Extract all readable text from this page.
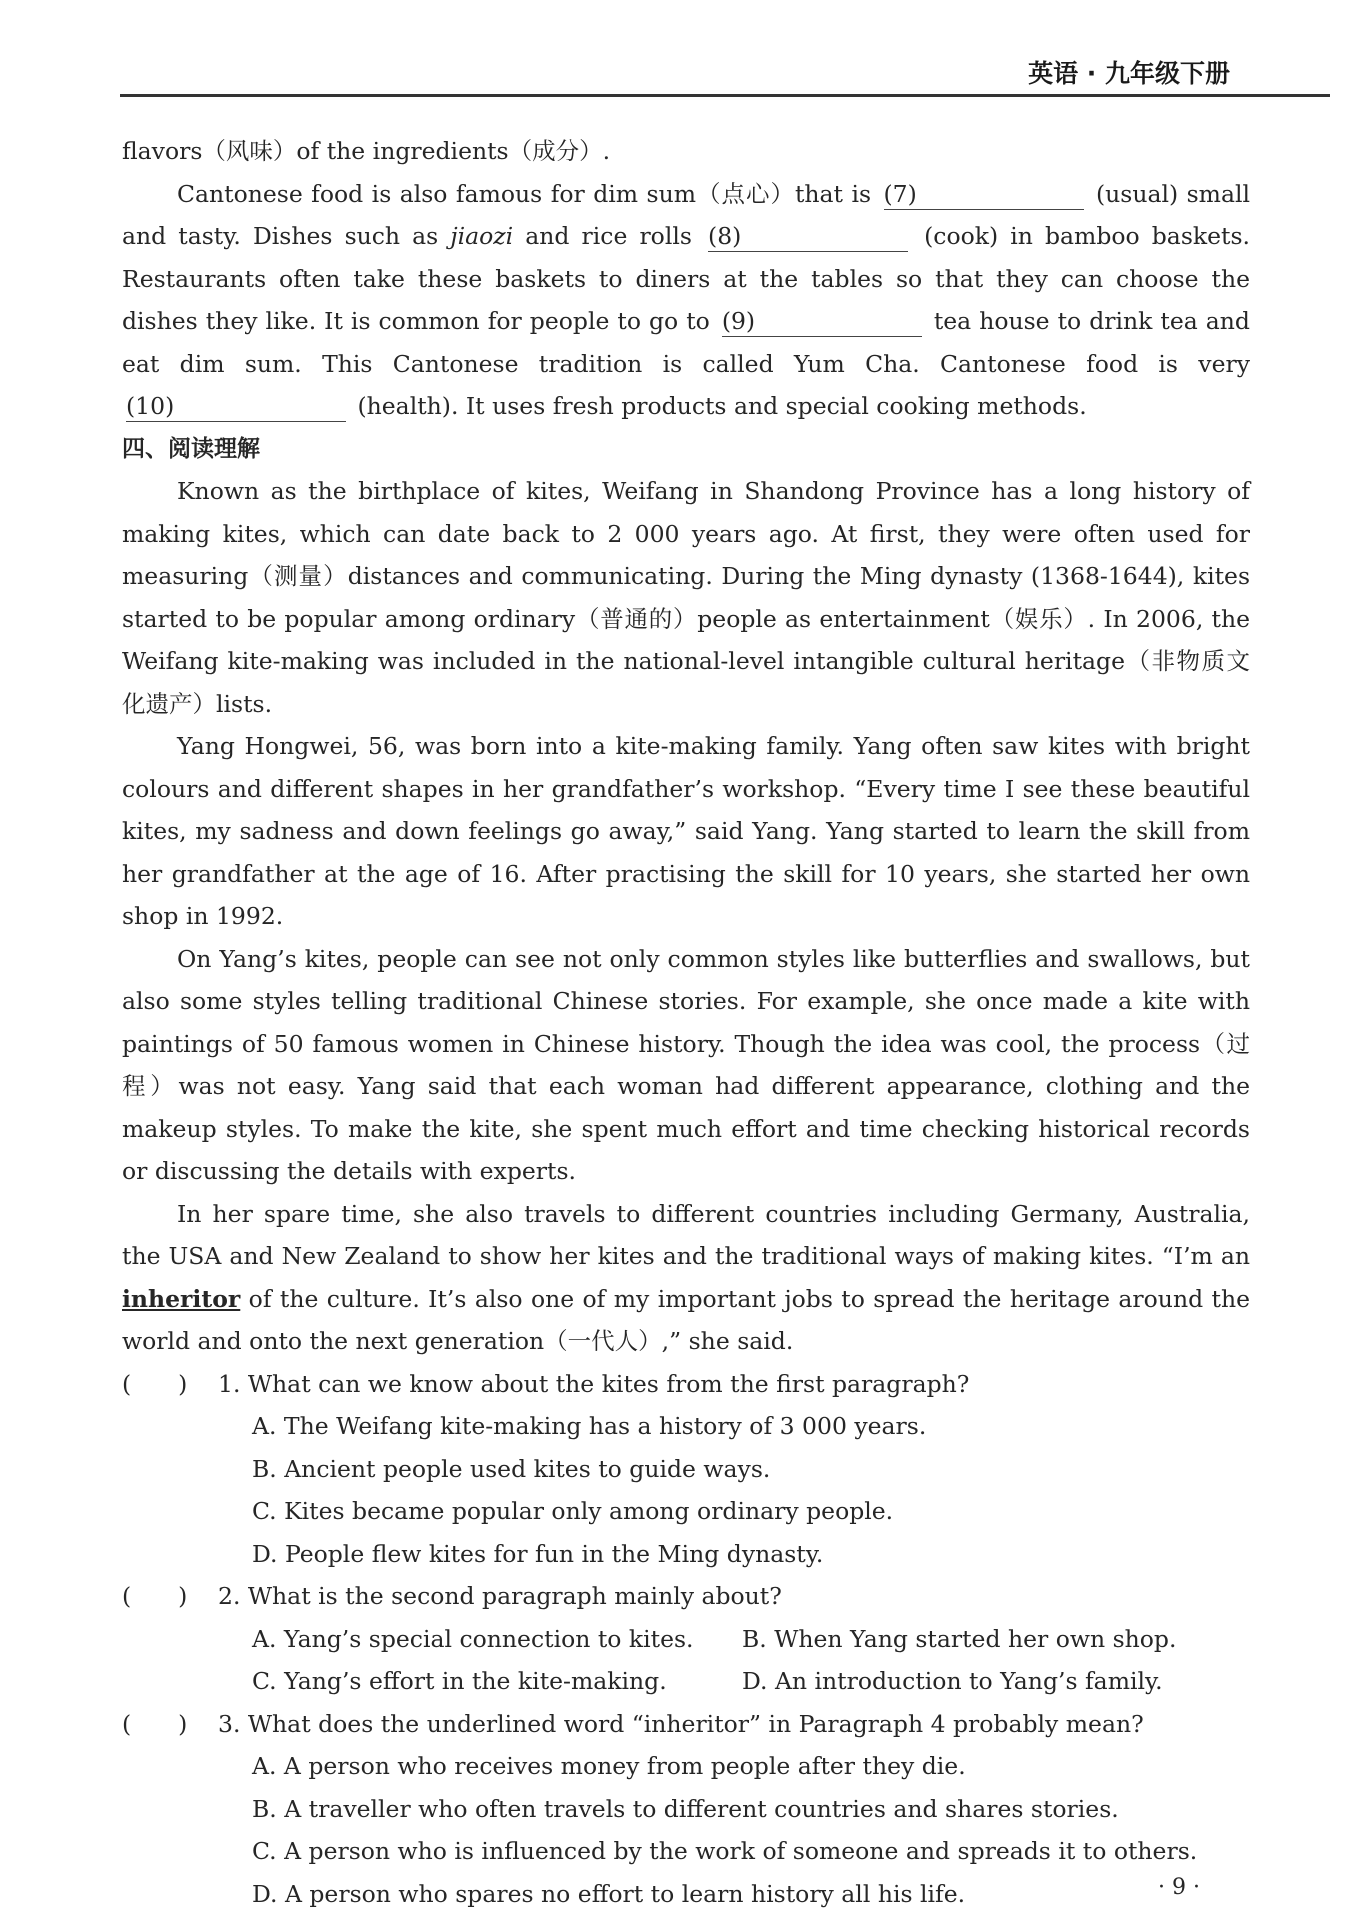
英语 · 九年级下册

flavors（风味）of the ingredients（成分）.

Cantonese food is also famous for dim sum（点心）that is (7)	(usual) small and tasty. Dishes such as jiaozi and rice rolls (8)	(cook) in bamboo baskets. Restaurants often take these baskets to diners at the tables so that they can choose the dishes they like. It is common for people to go to (9)	tea house to drink tea and eat dim sum. This Cantonese tradition is called Yum Cha. Cantonese food is very (10)	(health). It uses fresh products and special cooking methods.

四、阅读理解

Known as the birthplace of kites, Weifang in Shandong Province has a long history of making kites, which can date back to 2 000 years ago. At first, they were often used for measuring（测量）distances and communicating. During the Ming dynasty (1368-1644), kites started to be popular among ordinary（普通的）people as entertainment（娱乐）. In 2006, the Weifang kite-making was included in the national-level intangible cultural heritage（非物质文化遗产）lists.

Yang Hongwei, 56, was born into a kite-making family. Yang often saw kites with bright colours and different shapes in her grandfather’s workshop. “Every time I see these beautiful kites, my sadness and down feelings go away,” said Yang. Yang started to learn the skill from her grandfather at the age of 16. After practising the skill for 10 years, she started her own shop in 1992.

On Yang’s kites, people can see not only common styles like butterflies and swallows, but also some styles telling traditional Chinese stories. For example, she once made a kite with paintings of 50 famous women in Chinese history. Though the idea was cool, the process（过程）was not easy. Yang said that each woman had different appearance, clothing and the makeup styles. To make the kite, she spent much effort and time checking historical records or discussing the details with experts.

In her spare time, she also travels to different countries including Germany, Australia, the USA and New Zealand to show her kites and the traditional ways of making kites. “I’m an inheritor of the culture. It’s also one of my important jobs to spread the heritage around the world and onto the next generation（一代人）,” she said.

(　　)	1. What can we know about the kites from the first paragraph?

A. The Weifang kite-making has a history of 3 000 years.

B. Ancient people used kites to guide ways.

C. Kites became popular only among ordinary people.

D. People flew kites for fun in the Ming dynasty.

(　　)	2. What is the second paragraph mainly about?
A. Yang’s special connection to kites.	B. When Yang started her own shop.
C. Yang’s effort in the kite-making.	D. An introduction to Yang’s family.
(　　)	3. What does the underlined word “inheritor” in Paragraph 4 probably mean?

A. A person who receives money from people after they die.

B. A traveller who often travels to different countries and shares stories.

C. A person who is influenced by the work of someone and spreads it to others.

D. A person who spares no effort to learn history all his life.	· 9 ·
